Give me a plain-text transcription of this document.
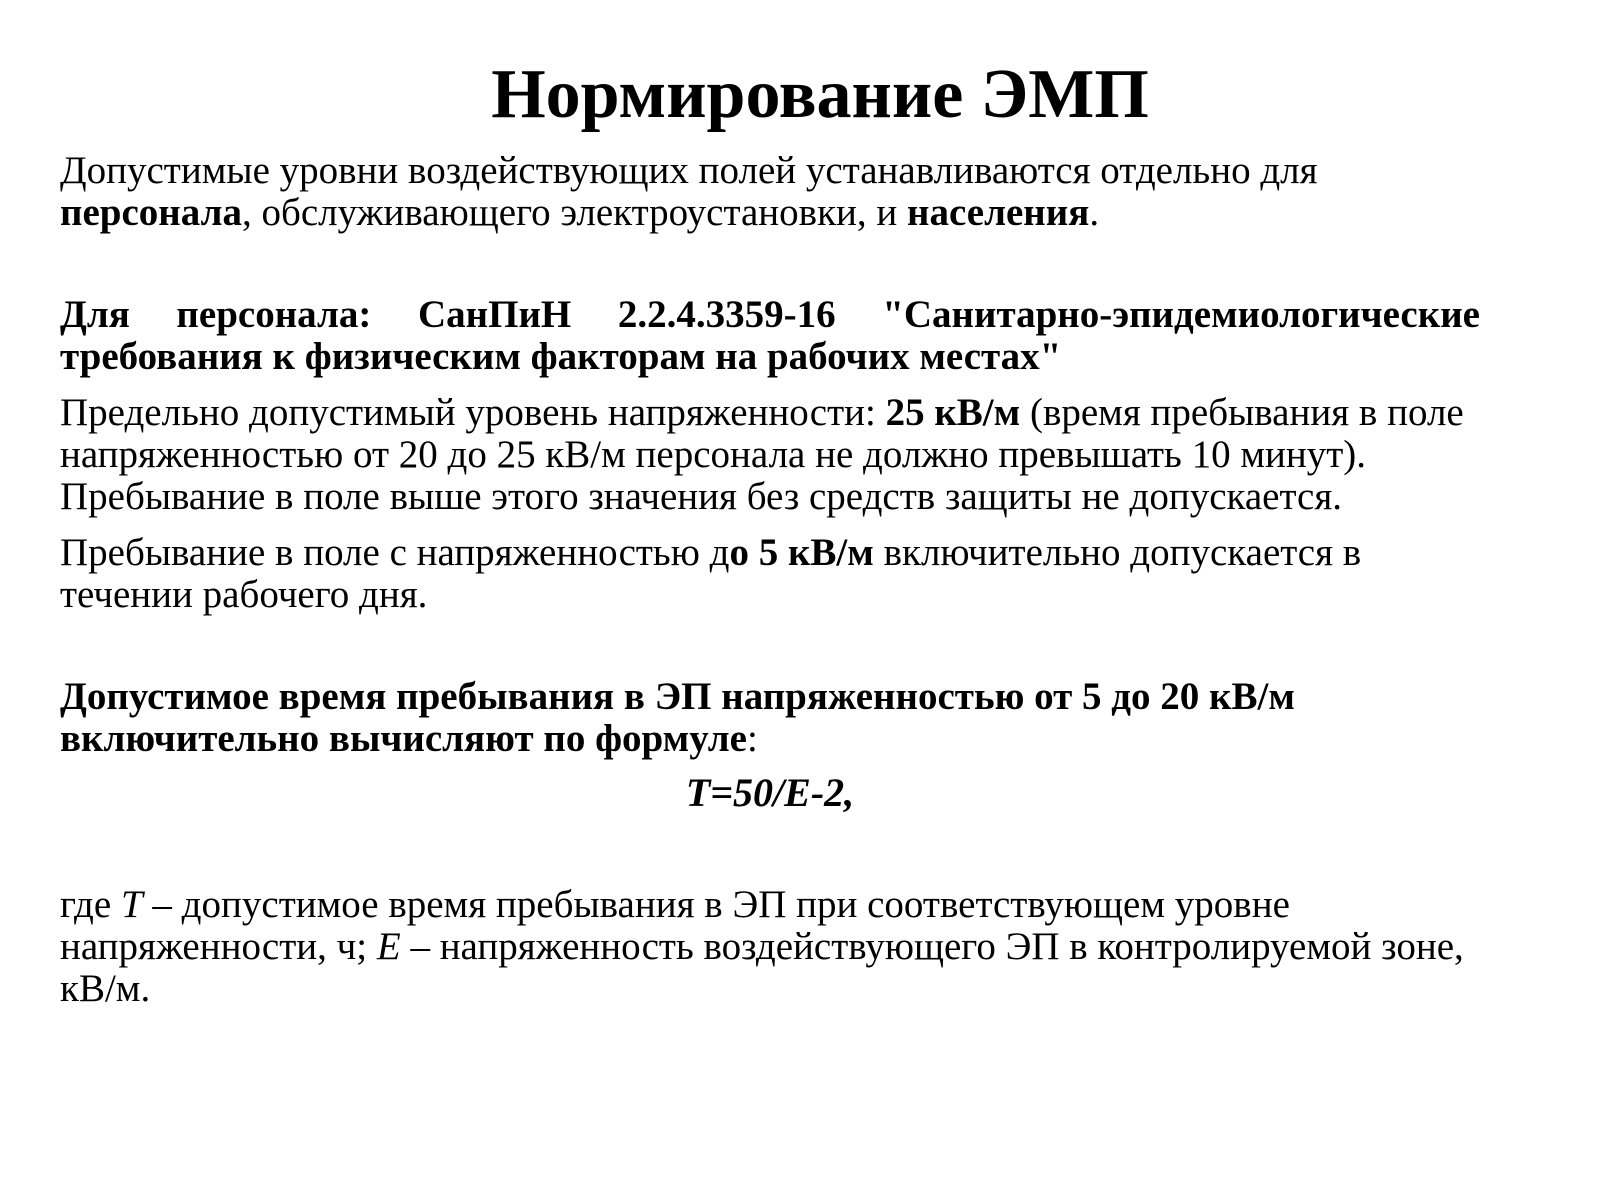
Нормирование ЭМП

Допустимые уровни воздействующих полей устанавливаются отдельно для персонала, обслуживающего электроустановки, и населения.

Для персонала: СанПиН 2.2.4.3359-16 "Санитарно-эпидемиологические требования к физическим факторам на рабочих местах"

Предельно допустимый уровень напряженности: 25 кВ/м (время пребывания в поле напряженностью от 20 до 25 кВ/м персонала не должно превышать 10 минут). Пребывание в поле выше этого значения без средств защиты не допускается.

Пребывание в поле с напряженностью до 5 кВ/м включительно допускается в течении рабочего дня.

Допустимое время пребывания в ЭП напряженностью от 5 до 20 кВ/м включительно вычисляют по формуле:

T=50/E-2,

где T – допустимое время пребывания в ЭП при соответствующем уровне напряженности, ч; E – напряженность воздействующего ЭП в контролируемой зоне, кВ/м.
